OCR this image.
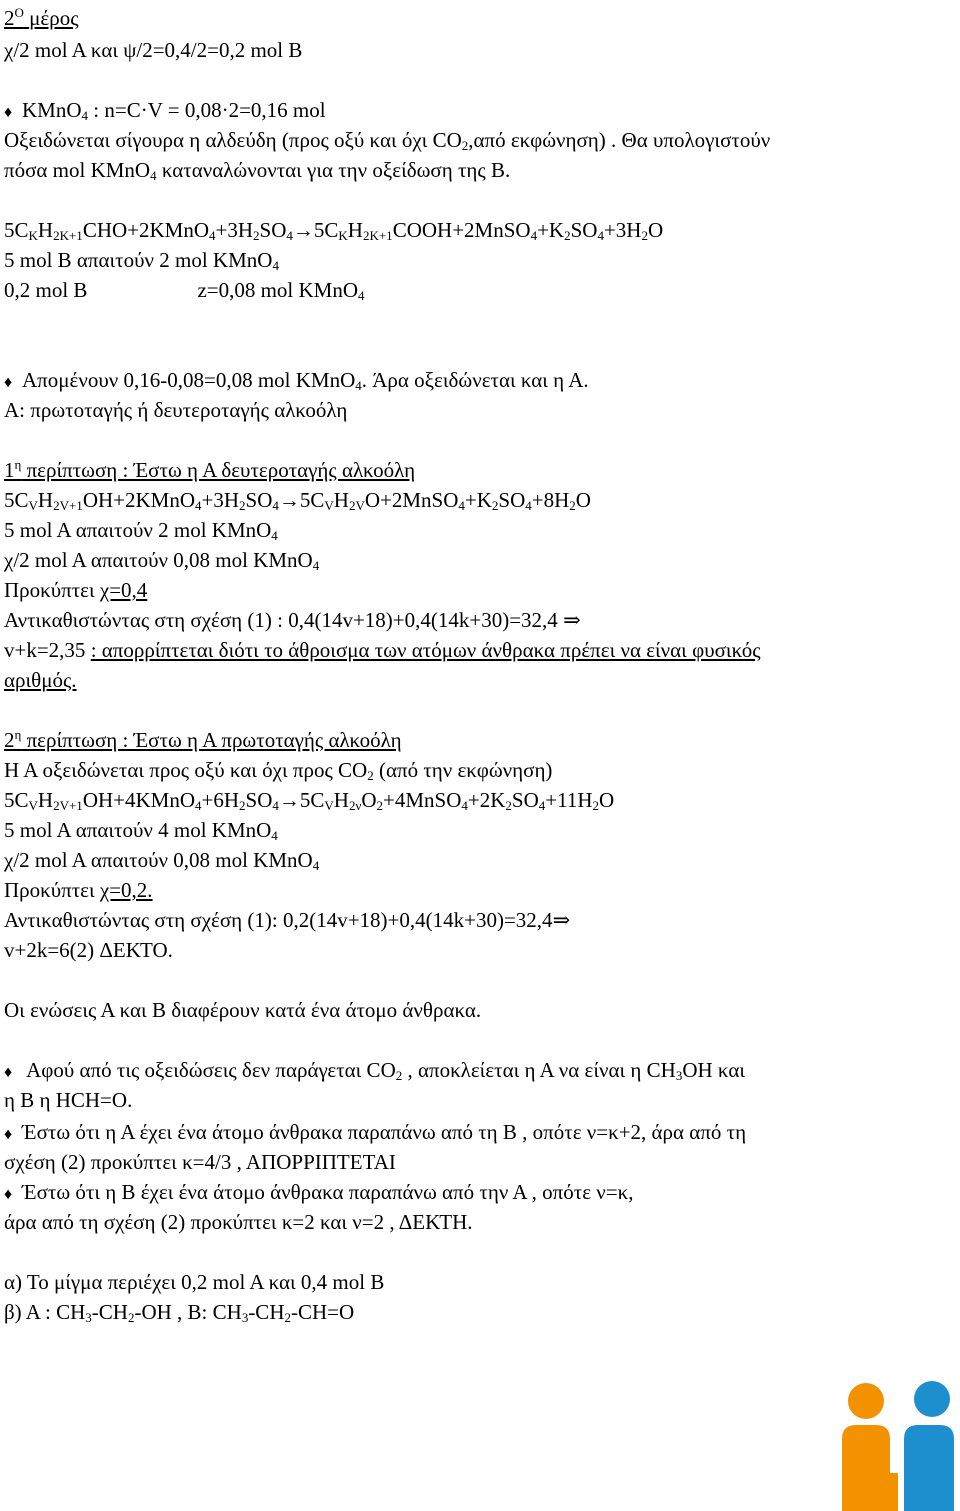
$2^O$ μέρος
χ/2 mol A και ψ/2=0,4/2=0,2 mol B
♦ KMnO$_4$ : n=C·V = 0,08·2=0,16 mol
Οξειδώνεται σίγουρα η αλδεύδη (προς οξύ και όχι $CO_2,\alpha\pi ό$ εκφώνηση) . Θα υπολογιστούν
πόσα mol KMnO$_4$ καταναλώνονται για την οξείδωση της Β.
$5C_KH_{2K+1}CHO+2KMnO_4+3H_2SO_4\to 5C_KH_{2K+1}COOH+2MnSO_4+K_2SO_4+3H_2O$
5 mol B απαιτούν 2 mol KMnO$_4$
0,2 mol B	z=0,08 mol KMnO$_4$
♦ Απομένουν 0,16-0,08=0,08 mol KMnO$_4$. Άρα οξειδώνεται και η Α.
A: πρωτοταγής ή δευτεροταγής αλκοόλη
$1^\eta$ περίπτωση : Έστω η Α δευτεροταγής αλκοόλη
$5C_VH_{2V+1}OH+2KMnO_4+3H_2SO_4\to 5C_VH_{2V}O+2MnSO_4+K_2SO_4+8H_2O$
5 mol A απαιτούν 2 mol KMnO$_4$
χ/2 mol A απαιτούν 0,08 mol KMnO$_4$
Προκύπτει χ=0,4
Αντικαθιστώντας στη σχέση (1) : 0,4(14v+18)+0,4(14k+30)=32,4 ⇒
v+k=2,35 : απορρίπτεται διότι το άθροισμα των ατόμων άνθρακα πρέπει να είναι φυσικός
αριθμός.
$2^\eta$ περίπτωση : Έστω η Α πρωτοταγής αλκοόλη
Η Α οξειδώνεται προς οξύ και όχι προς $CO_2$ (από την εκφώνηση)
$5C_VH_{2V+1}OH+4KMnO_4+6H_2SO_4\to 5C_VH_{2\nu}O_2+4MnSO_4+2K_2SO_4+11H_2O$
5 mol A απαιτούν 4 mol KMnO$_4$
χ/2 mol A απαιτούν 0,08 mol KMnO$_4$
Προκύπτει χ=0,2.
Αντικαθιστώντας στη σχέση (1): 0,2(14v+18)+0,4(14k+30)=32,4⇒
v+2k=6(2) ΔΕΚΤΟ.
Οι ενώσεις Α και Β διαφέρουν κατά ένα άτομο άνθρακα.
♦ Αφού από τις οξειδώσεις δεν παράγεται $CO_2$ , αποκλείεται η Α να είναι η $CH_3OH$ και
η Β η HCH=O.
♦ Έστω ότι η Α έχει ένα άτομο άνθρακα παραπάνω από τη Β , οπότε ν=κ+2, άρα από τη
σχέση (2) προκύπτει κ=4/3 , ΑΠΟΡΡΙΠΤΕΤΑΙ
♦ Έστω ότι η Β έχει ένα άτομο άνθρακα παραπάνω από την Α , οπότε ν=κ,
άρα από τη σχέση (2) προκύπτει κ=2 και ν=2 , ΔΕΚΤΗ.
α) Το μίγμα περιέχει 0,2 mol A και 0,4 mol B
β) Α : $CH_3-CH_2-OH$ , B: $CH_3-CH_2-CH=O$
